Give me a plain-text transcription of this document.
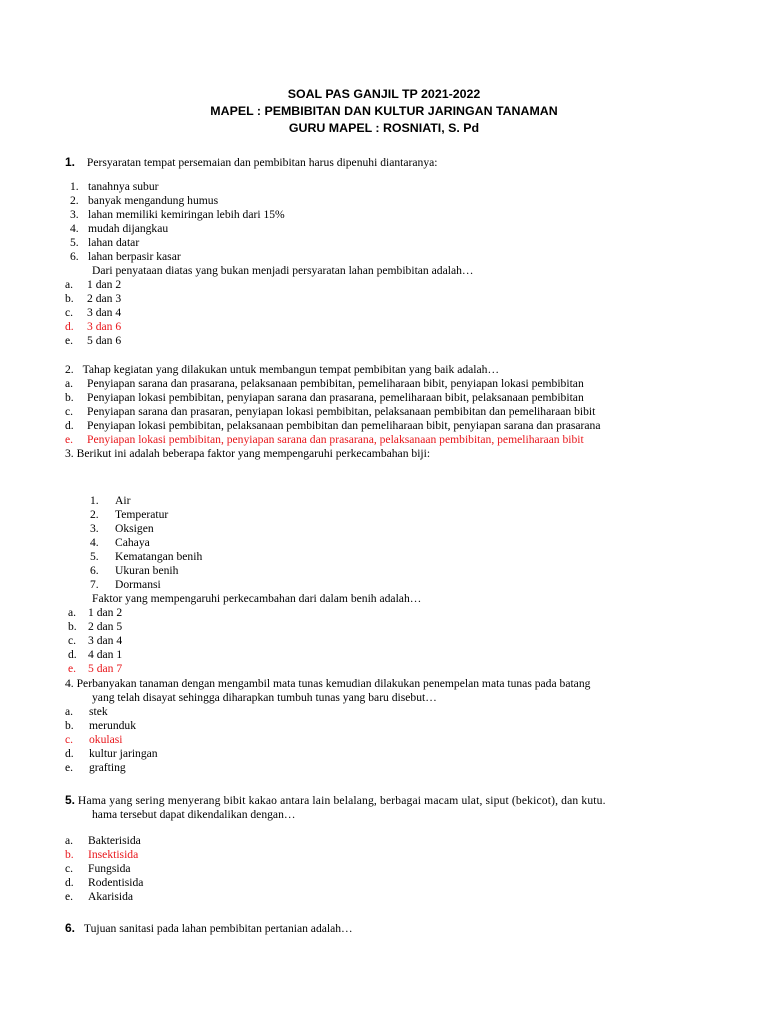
SOAL PAS GANJIL TP 2021-2022
MAPEL : PEMBIBITAN DAN KULTUR JARINGAN TANAMAN
GURU MAPEL : ROSNIATI, S. Pd
1. Persyaratan tempat persemaian dan pembibitan harus dipenuhi diantaranya:
1. tanahnya subur
2. banyak mengandung humus
3. lahan memiliki kemiringan lebih dari 15%
4. mudah dijangkau
5. lahan datar
6. lahan berpasir kasar
Dari penyataan diatas yang bukan menjadi persyaratan lahan pembibitan adalah…
a. 1 dan 2
b. 2 dan 3
c. 3 dan 4
d. 3 dan 6
e. 5 dan 6
2. Tahap kegiatan yang dilakukan untuk membangun tempat pembibitan yang baik adalah…
a. Penyiapan sarana dan prasarana, pelaksanaan pembibitan, pemeliharaan bibit, penyiapan lokasi pembibitan
b. Penyiapan lokasi pembibitan, penyiapan sarana dan prasarana, pemeliharaan bibit, pelaksanaan pembibitan
c. Penyiapan sarana dan prasaran, penyiapan lokasi pembibitan, pelaksanaan pembibitan dan pemeliharaan bibit
d. Penyiapan lokasi pembibitan, pelaksanaan pembibitan dan pemeliharaan bibit, penyiapan sarana dan prasarana
e. Penyiapan lokasi pembibitan, penyiapan sarana dan prasarana, pelaksanaan pembibitan, pemeliharaan bibit
3. Berikut ini adalah beberapa faktor yang mempengaruhi perkecambahan biji:
1. Air
2. Temperatur
3. Oksigen
4. Cahaya
5. Kematangan benih
6. Ukuran benih
7. Dormansi
Faktor yang mempengaruhi perkecambahan dari dalam benih adalah…
a. 1 dan 2
b. 2 dan 5
c. 3 dan 4
d. 4 dan 1
e. 5 dan 7
4. Perbanyakan tanaman dengan mengambil mata tunas kemudian dilakukan penempelan mata tunas pada batang
yang telah disayat sehingga diharapkan tumbuh tunas yang baru disebut…
a. stek
b. merunduk
c. okulasi
d. kultur jaringan
e. grafting
5. Hama yang sering menyerang bibit kakao antara lain belalang, berbagai macam ulat, siput (bekicot), dan kutu.
hama tersebut dapat dikendalikan dengan…
a. Bakterisida
b. Insektisida
c. Fungsida
d. Rodentisida
e. Akarisida
6. Tujuan sanitasi pada lahan pembibitan pertanian adalah…
